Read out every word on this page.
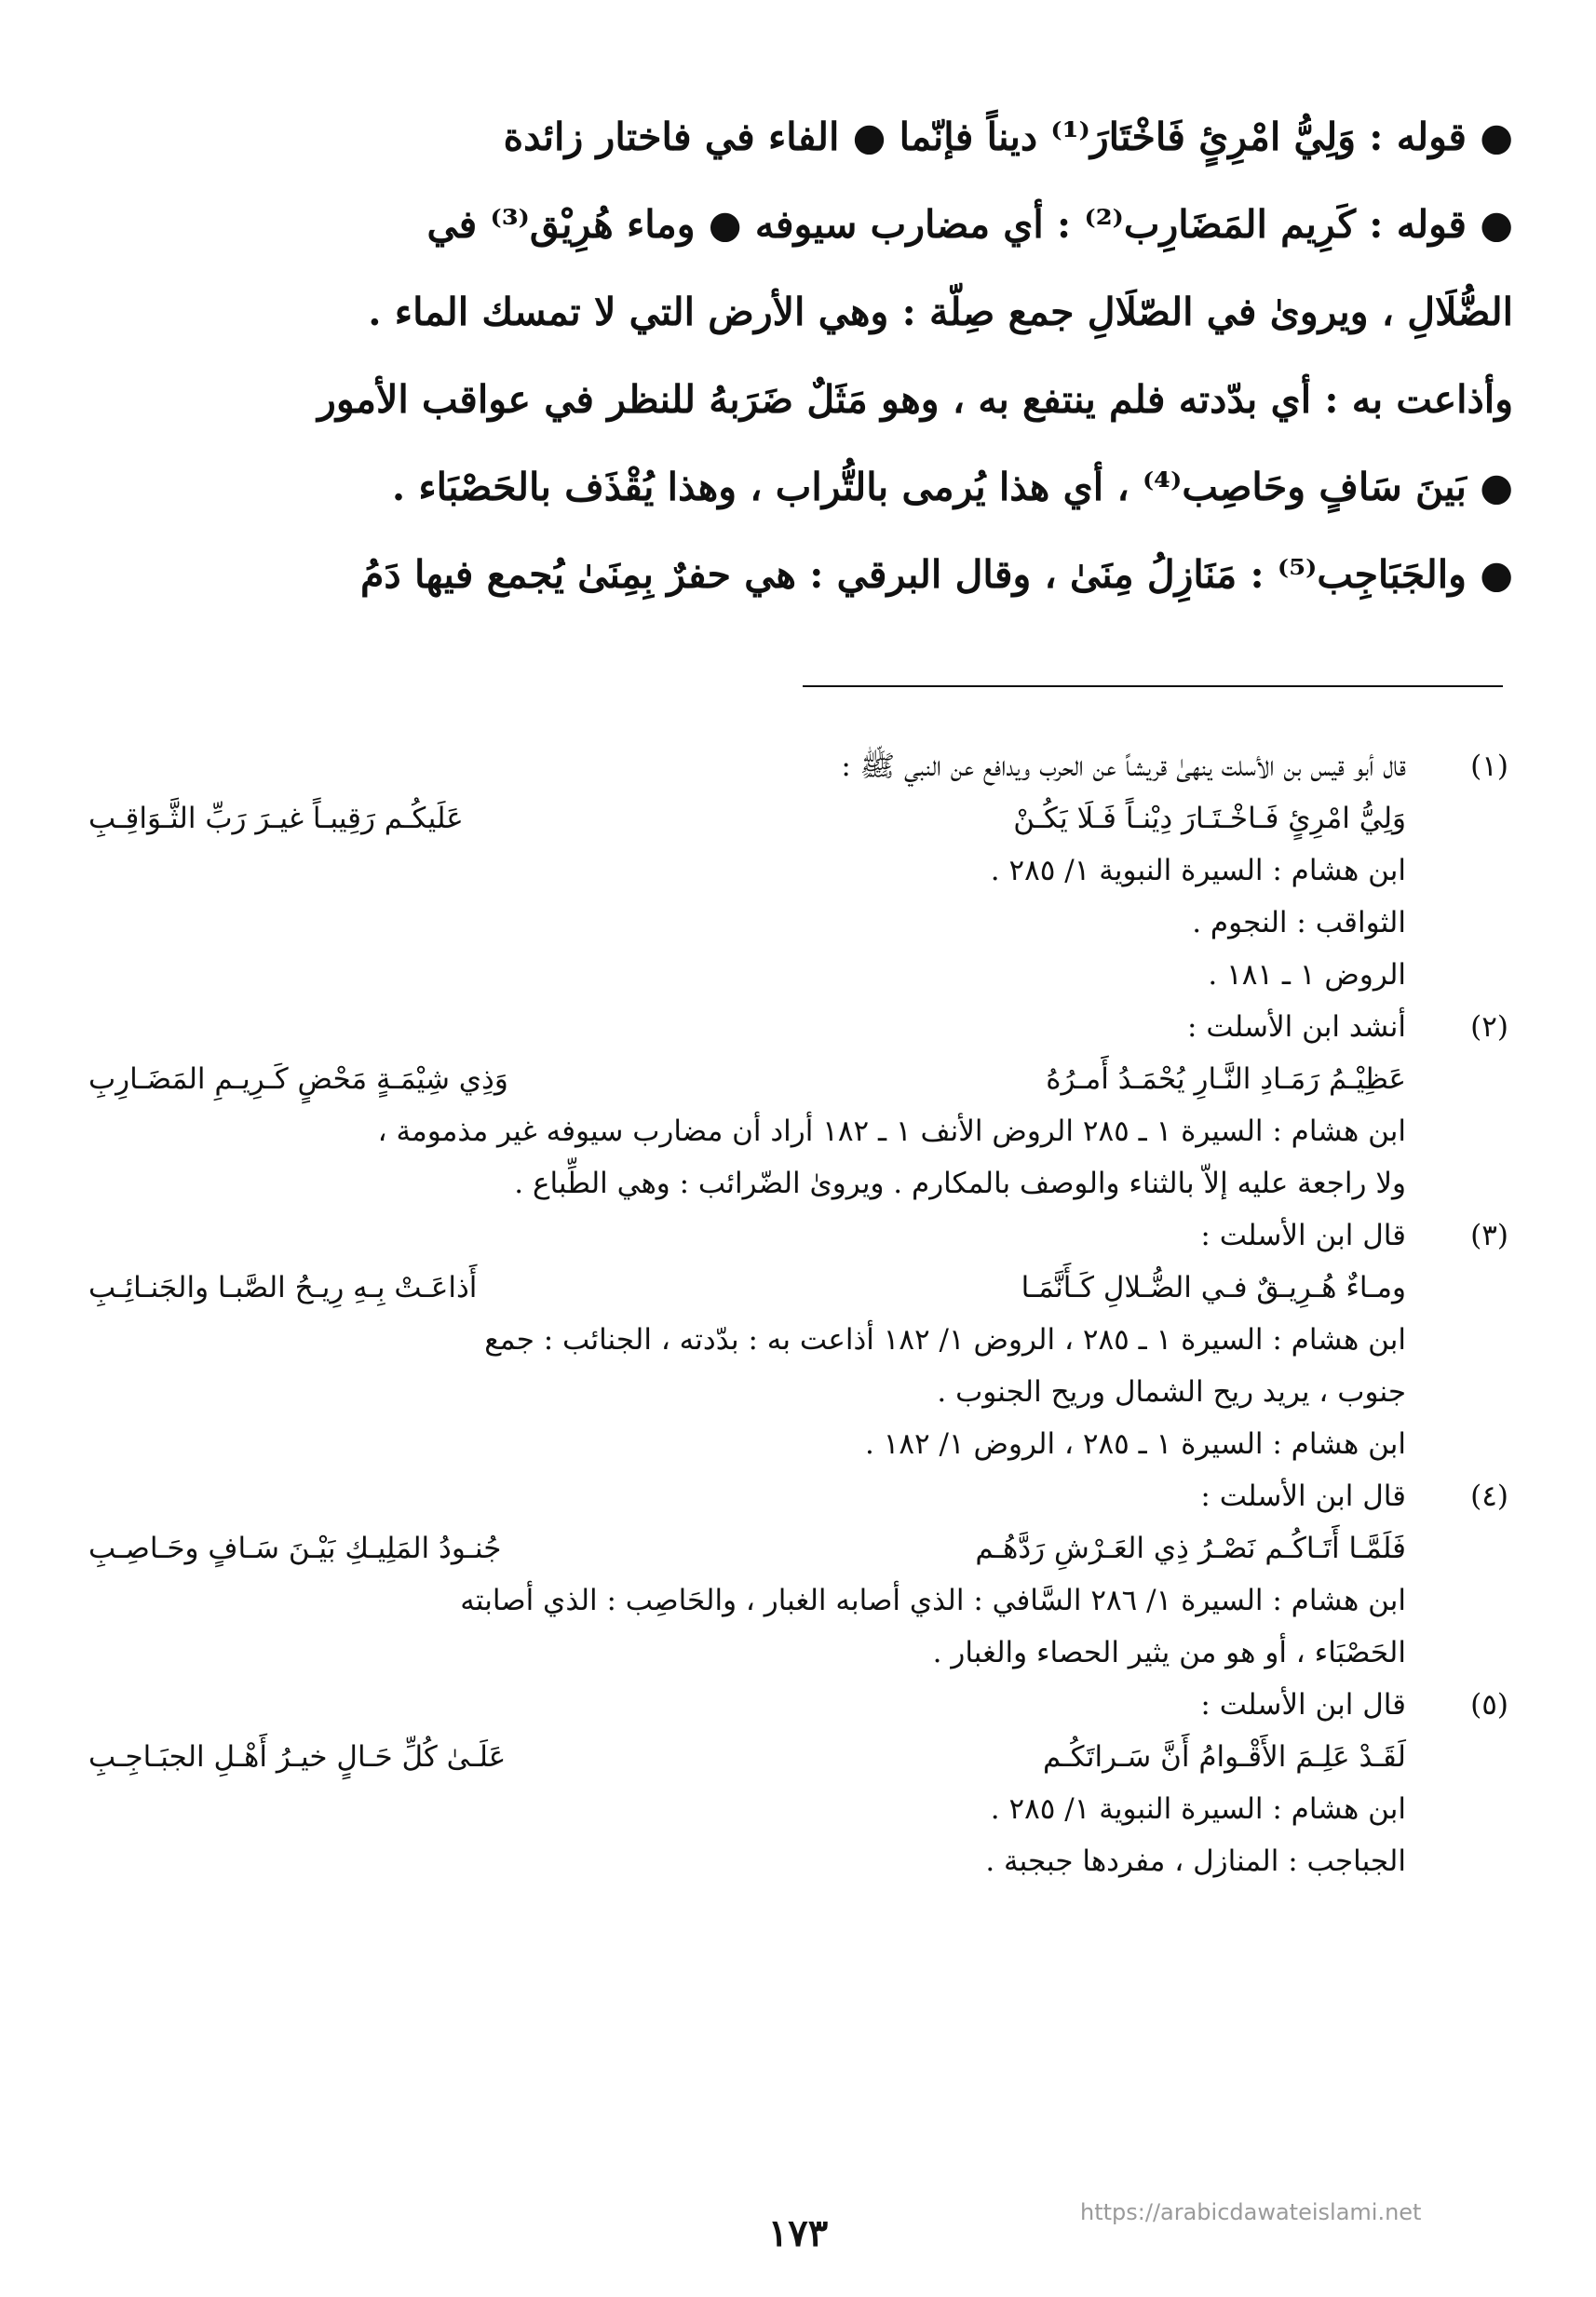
● قوله : وَلِيُّ امْرِئٍ فَاخْتَارَ⁽¹⁾ ديناً فإنّما ● الفاء في فاختار زائدة
● قوله : كَرِيم المَضَارِب⁽²⁾ : أي مضارب سيوفه ● وماء هُرِيْق⁽³⁾ في
الضُّلَالِ ، ويروىٰ في الصّلَالِ جمع صِلّة : وهي الأرض التي لا تمسك الماء .
وأذاعت به : أي بدّدته فلم ينتفع به ، وهو مَثَلٌ ضَرَبهُ للنظر في عواقب الأمور
● بَينَ سَافٍ وحَاصِب⁽⁴⁾ ، أي هذا يُرمى بالتُّراب ، وهذا يُقْذَف بالحَصْبَاء .
● والجَبَاجِب⁽⁵⁾ : مَنَازِلُ مِنَىٰ ، وقال البرقي : هي حفرٌ بِمِنَىٰ يُجمع فيها دَمُ
(١)
قال أبو قيس بن الأسلت ينهىٰ قريشاً عن الحرب ويدافع عن النبي ﷺ :
وَلِيُّ امْرِئٍ فَـاخْـتَـارَ دِيْنـاً فَـلَا يَكُـنْ
عَلَيكُـم رَقِيبـاً غيـرَ رَبِّ الثَّـوَاقِـبِ
ابن هشام : السيرة النبوية ١/ ٢٨٥ .
الثواقب : النجوم .
الروض ١ ـ ١٨١ .
(٢)
أنشد ابن الأسلت :
عَظِيْـمُ رَمَـادِ النَّـارِ يُحْمَـدُ أَمـرُهُ
وَذِي شِيْمَـةٍ مَحْضٍ كَـرِيـمِ المَضَـارِبِ
ابن هشام : السيرة ١ ـ ٢٨٥ الروض الأنف ١ ـ ١٨٢ أراد أن مضارب سيوفه غير مذمومة ،
ولا راجعة عليه إلاّ بالثناء والوصف بالمكارم . ويروىٰ الضّرائب : وهي الطِّباع .
(٣)
قال ابن الأسلت :
ومـاءٌ هُـرِيـقٌ فـي الضُّـلالِ كَـأَنَّمَـا
أَذاعَـتْ بِـهِ رِيـحُ الصَّبـا والجَنـائِـبِ
ابن هشام : السيرة ١ ـ ٢٨٥ ، الروض ١/ ١٨٢ أذاعت به : بدّدته ، الجنائب : جمع
جنوب ، يريد ريح الشمال وريح الجنوب .
ابن هشام : السيرة ١ ـ ٢٨٥ ، الروض ١/ ١٨٢ .
(٤)
قال ابن الأسلت :
فَلَمَّـا أَتَـاكُـم نَصْـرُ ذِي العَـرْشِ رَدَّهُـم
جُنـودُ المَلِيـكِ بَيْـنَ سَـافٍ وحَـاصِـبِ
ابن هشام : السيرة ١/ ٢٨٦ السَّافي : الذي أصابه الغبار ، والحَاصِب : الذي أصابته
الحَصْبَاء ، أو هو من يثير الحصاء والغبار .
(٥)
قال ابن الأسلت :
لَقَـدْ عَلِـمَ الأَقْـوامُ أَنَّ سَـراتَكُـم
عَلَـىٰ كُلِّ حَـالٍ خيـرُ أَهْـلِ الجبَـاجِـبِ
ابن هشام : السيرة النبوية ١/ ٢٨٥ .
الجباجب : المنازل ، مفردها جبجبة .
https://arabicdawateislami.net
١٧٣
